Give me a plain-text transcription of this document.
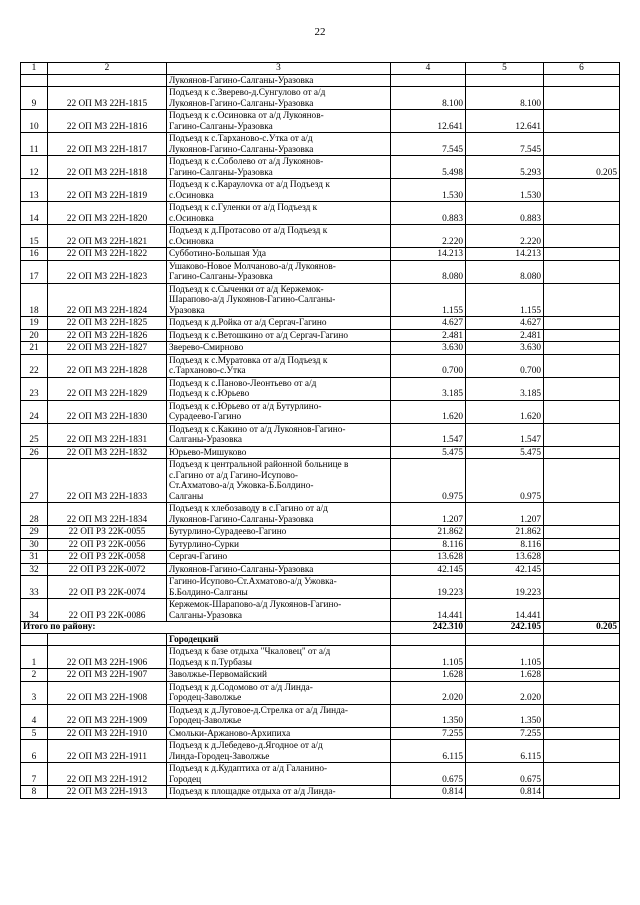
22
1	2	3	4	5	6

		Лукоянов-Гагино-Салганы-Уразовка			

9	22 ОП МЗ 22Н-1815	Подъезд к с.Зверево-д.Сунгулово от а/д
Лукоянов-Гагино-Салганы-Уразовка	8.100	8.100	
10	22 ОП МЗ 22Н-1816	Подъезд к с.Осиновка от а/д Лукоянов-
Гагино-Салганы-Уразовка	12.641	12.641	
11	22 ОП МЗ 22Н-1817	Подъезд к с.Тарханово-с.Утка от а/д
Лукоянов-Гагино-Салганы-Уразовка	7.545	7.545	
12	22 ОП МЗ 22Н-1818	Подъезд к с.Соболево от а/д Лукоянов-
Гагино-Салганы-Уразовка	5.498	5.293	0.205
13	22 ОП МЗ 22Н-1819	Подъезд к с.Караулovка от а/д Подъезд к
с.Осиновка	1.530	1.530	
14	22 ОП МЗ 22Н-1820	Подъезд к с.Гуленки от а/д Подъезд к
с.Осиновка	0.883	0.883	
15	22 ОП МЗ 22Н-1821	Подъезд к д.Протасово от а/д Подъезд к
с.Осиновка	2.220	2.220	
16	22 ОП МЗ 22Н-1822	Субботино-Большая Уда	14.213	14.213	
17	22 ОП МЗ 22Н-1823	Ушаково-Новое Молчаново-а/д Лукоянов-
Гагино-Салганы-Уразовка	8.080	8.080	
18	22 ОП МЗ 22Н-1824	Подъезд к с.Сыченки от а/д Кержемок-
Шарапово-а/д Лукоянов-Гагино-Салганы-
Уразовка	1.155	1.155	
19	22 ОП МЗ 22Н-1825	Подъезд к д.Ройка от а/д Сергач-Гагино	4.627	4.627	
20	22 ОП МЗ 22Н-1826	Подъезд к с.Ветошкино от а/д Сергач-Гагино	2.481	2.481	
21	22 ОП МЗ 22Н-1827	Зверево-Смирново	3.630	3.630	
22	22 ОП МЗ 22Н-1828	Подъезд к с.Муратовка от а/д Подъезд к
с.Тарханово-с.Утка	0.700	0.700	
23	22 ОП МЗ 22Н-1829	Подъезд к с.Паново-Леонтьево от а/д
Подъезд к с.Юрьево	3.185	3.185	
24	22 ОП МЗ 22Н-1830	Подъезд к с.Юрьево от а/д Бутурлино-
Сурадеево-Гагино	1.620	1.620	
25	22 ОП МЗ 22Н-1831	Подъезд к с.Какино от а/д Лукоянов-Гагино-
Салганы-Уразовка	1.547	1.547	
26	22 ОП МЗ 22Н-1832	Юрьево-Мишуково	5.475	5.475	
27	22 ОП МЗ 22Н-1833	Подъезд к центральной районной больнице в
с.Гагино от а/д Гагино-Исупово-
Ст.Ахматово-а/д Ужовка-Б.Болдино-
Салганы	0.975	0.975	
28	22 ОП МЗ 22Н-1834	Подъезд к хлебозаводу в с.Гагино от а/д
Лукоянов-Гагино-Салганы-Уразовка	1.207	1.207	
29	22 ОП РЗ 22К-0055	Бутурлино-Сурадеево-Гагино	21.862	21.862	
30	22 ОП РЗ 22К-0056	Бутурлино-Сурки	8.116	8.116	
31	22 ОП РЗ 22К-0058	Сергач-Гагино	13.628	13.628	
32	22 ОП РЗ 22К-0072	Лукоянов-Гагино-Салганы-Уразовка	42.145	42.145	
33	22 ОП РЗ 22К-0074	Гагино-Исупово-Ст.Ахматово-а/д Ужовка-
Б.Болдино-Салганы	19.223	19.223	
34	22 ОП РЗ 22К-0086	Кержемок-Шарапово-а/д Лукоянов-Гагино-
Салганы-Уразовка	14.441	14.441	
Итого по району:			242.310	242.105	0.205
		Городецкий			
1	22 ОП МЗ 22Н-1906	Подъезд к базе отдыха "Чкаловец" от а/д
Подъезд к п.Турбазы	1.105	1.105	
2	22 ОП МЗ 22Н-1907	Заволжье-Первомайский	1.628	1.628	
3	22 ОП МЗ 22Н-1908	Подъезд к д.Содомово от а/д Линда-
Городец-Заволжье	2.020	2.020	
4	22 ОП МЗ 22Н-1909	Подъезд к д.Луговое-д.Стрелка от а/д Линда-
Городец-Заволжье	1.350	1.350	
5	22 ОП МЗ 22Н-1910	Смольки-Аржаново-Архипиха	7.255	7.255	
6	22 ОП МЗ 22Н-1911	Подъезд к д.Лебедево-д.Ягодное от а/д
Линда-Городец-Заволжье	6.115	6.115	
7	22 ОП МЗ 22Н-1912	Подъезд к д.Кудаптиха от а/д Галанино-
Городец	0.675	0.675	
8	22 ОП МЗ 22Н-1913	Подъезд к площадке отдыха от а/д Линда-	0.814	0.814	
